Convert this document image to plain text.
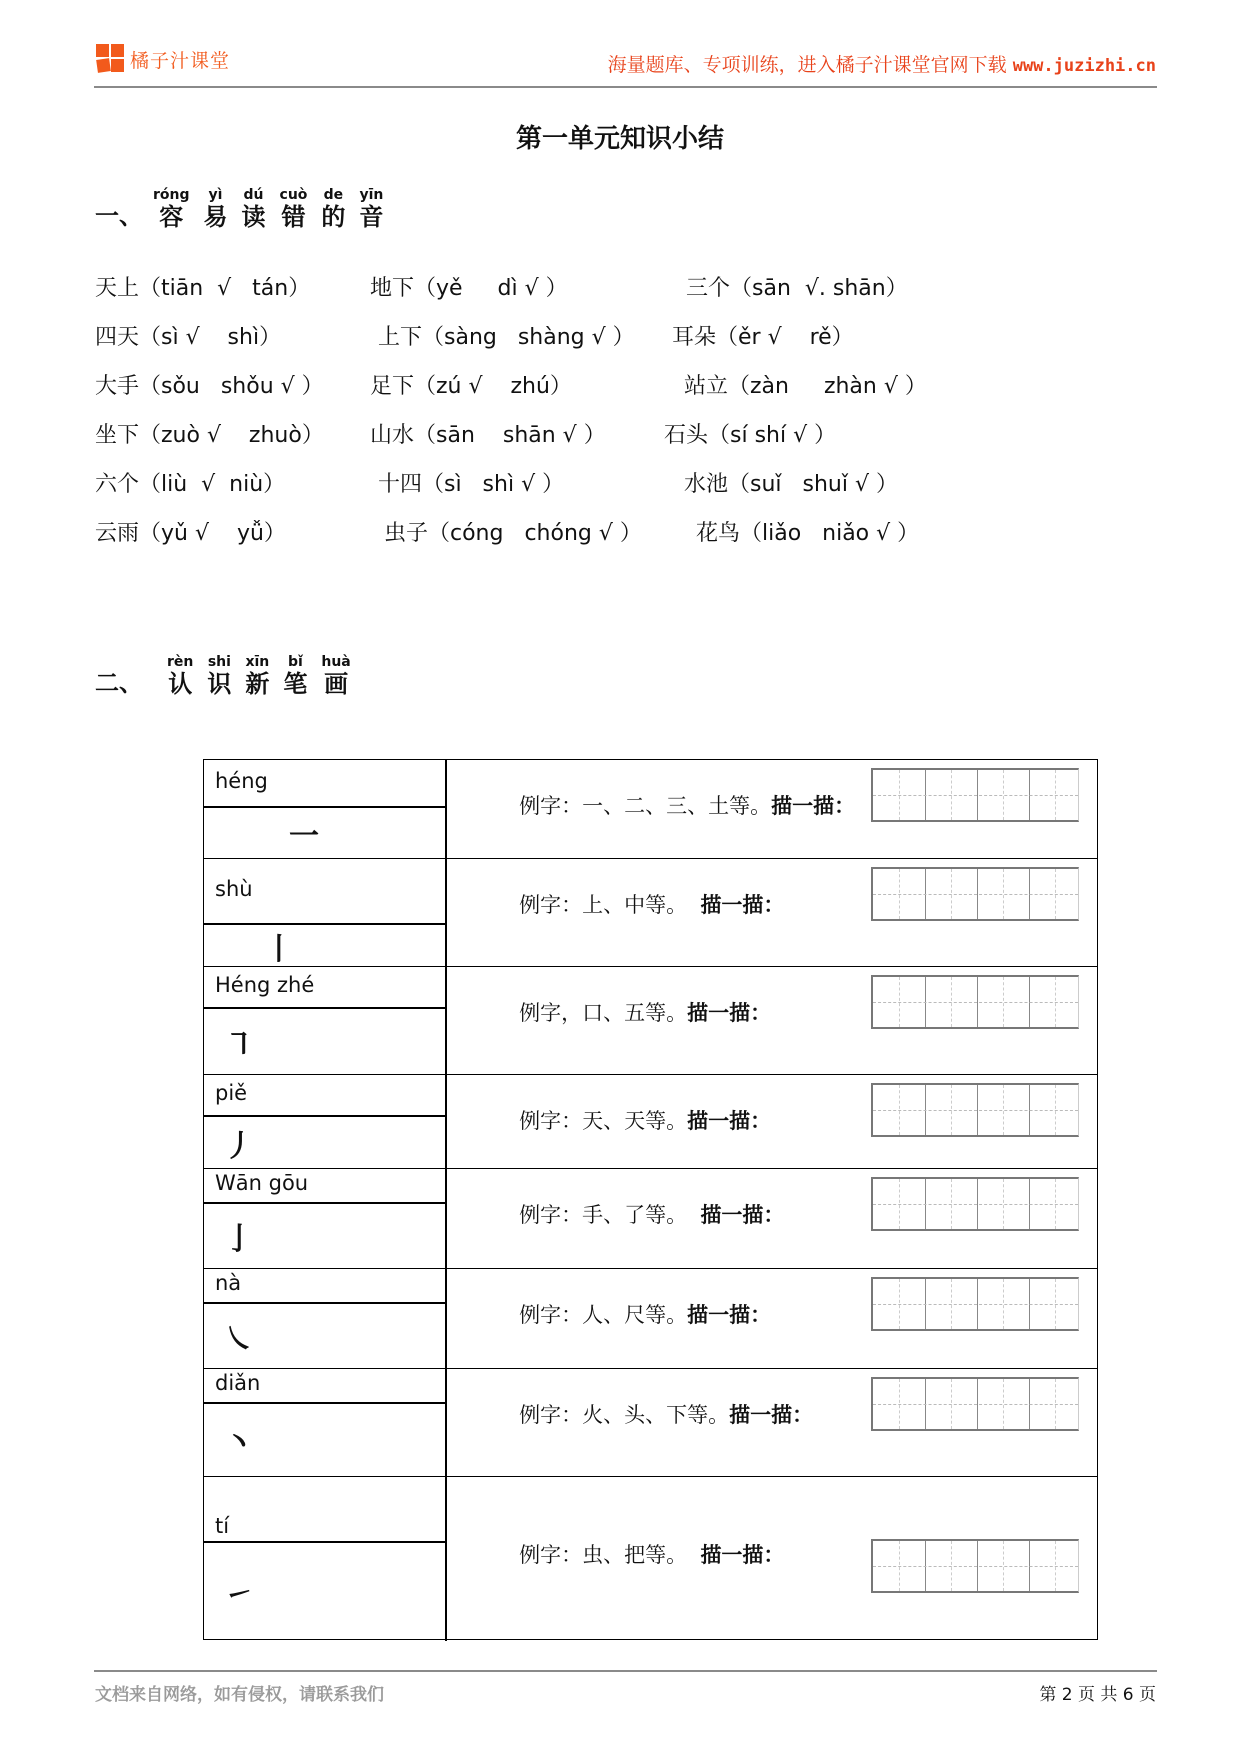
橘子汁课堂	海量题库、专项训练，进入橘子汁课堂官网下载 www.juzizhi.cn
第一单元知识小结
一、
róng
容
yì
易
dú
读
cuò
错
de
的
yīn
音
天上（tiān  √   tán）	地下（yě     dì √ ）	三个（sān  √. shān）
四天（sì √    shì）	上下（sàng   shàng √ ） 耳朵（ěr √    rě）
大手（sǒu   shǒu √ ） 足下（zú √    zhú）	站立（zàn     zhàn √ ）
坐下（zuò √    zhuò） 山水（sān    shān √ ）	石头（sí shí √ ）
六个（liù  √  niù）	十四（sì   shì √ ）	水池（suǐ   shuǐ √ ）
云雨（yǔ √    yǚ）	虫子（cóng   chóng √ ） 花鸟（liǎo   niǎo √ ）
二、
rèn
认
shi
识
xīn
新
bǐ
笔
huà
画
héng
一

例字：一、二、三、土等。描一描：

shù
丨

例字：上、中等。  描一描：

Héng zhé
㇕

例字，口、五等。描一描：

piě
丿

例字：天、天等。描一描：

Wān gōu
亅

例字：手、了等。  描一描：

nà
㇏

例字：人、尺等。描一描：

diǎn
丶

例字：火、头、下等。描一描：

tí
㇀

例字：虫、把等。  描一描：

文档来自网络，如有侵权，请联系我们	第 2 页 共 6 页
